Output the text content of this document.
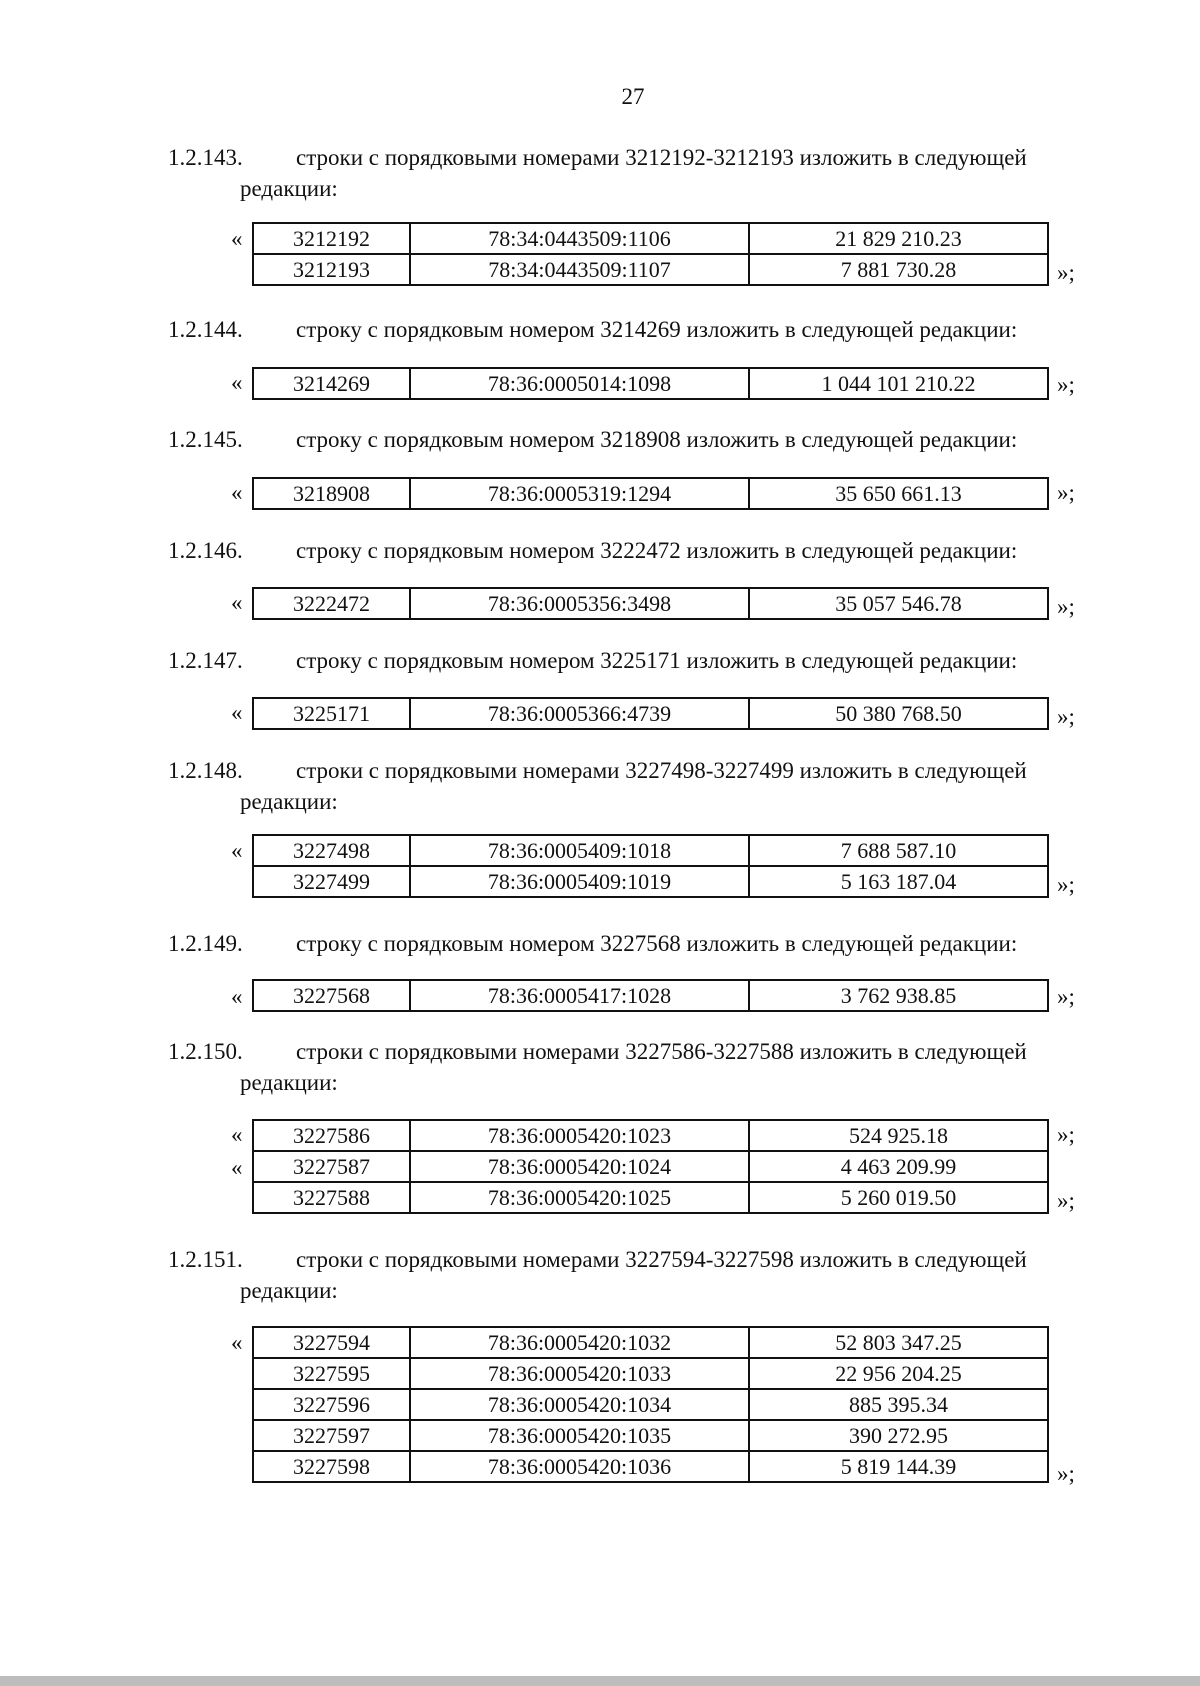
27
1.2.143. строки с порядковыми номерами 3212192-3212193 изложить в следующей
редакции:
« 3212192	78:34:0443509:1106	21 829 210.23
3212193	78:34:0443509:1107	7 881 730.28	»;
1.2.144. строку с порядковым номером 3214269 изложить в следующей редакции:
« 3214269	78:36:0005014:1098	1 044 101 210.22	»;
1.2.145. строку с порядковым номером 3218908 изложить в следующей редакции:
« 3218908	78:36:0005319:1294	35 650 661.13	»;
1.2.146. строку с порядковым номером 3222472 изложить в следующей редакции:
« 3222472	78:36:0005356:3498	35 057 546.78	»;
1.2.147. строку с порядковым номером 3225171 изложить в следующей редакции:
« 3225171	78:36:0005366:4739	50 380 768.50	»;
1.2.148. строки с порядковыми номерами 3227498-3227499 изложить в следующей
редакции:
« 3227498	78:36:0005409:1018	7 688 587.10
3227499	78:36:0005409:1019	5 163 187.04	»;
1.2.149. строку с порядковым номером 3227568 изложить в следующей редакции:
« 3227568	78:36:0005417:1028	3 762 938.85	»;
1.2.150. строки с порядковыми номерами 3227586-3227588 изложить в следующей
редакции:
«
«
3227586	78:36:0005420:1023	524 925.18
3227587	78:36:0005420:1024	4 463 209.99
3227588	78:36:0005420:1025	5 260 019.50
»;
»;
1.2.151. строки с порядковыми номерами 3227594-3227598 изложить в следующей
редакции:
« 3227594	78:36:0005420:1032	52 803 347.25
3227595	78:36:0005420:1033	22 956 204.25
3227596	78:36:0005420:1034	885 395.34
3227597	78:36:0005420:1035	390 272.95
3227598	78:36:0005420:1036	5 819 144.39	»;
